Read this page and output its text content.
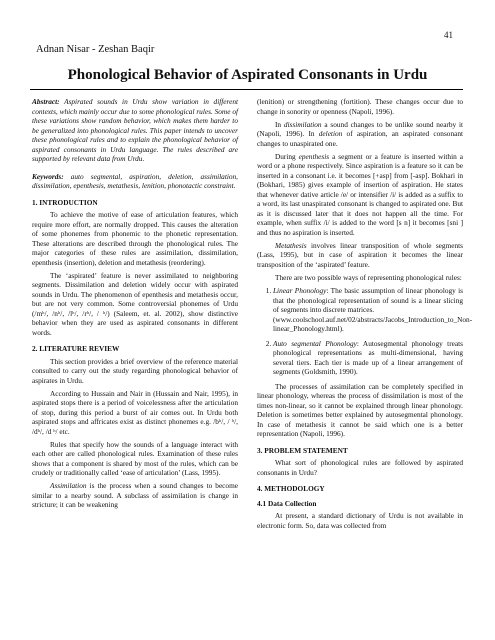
41
Adnan Nisar - Zeshan Baqir
Phonological Behavior of Aspirated Consonants in Urdu

Abstract: Aspirated sounds in Urdu show variation in different contexts, which mainly occur due to some phonological rules. Some of these variations show random behavior, which makes them harder to be generalized into phonological rules. This paper intends to uncover these phonological rules and to explain the phonological behavior of aspirated consonants in Urdu language. The rules described are supported by relevant data from Urdu.

Keywords: auto segmental, aspiration, deletion, assimilation, dissimilation, epenthesis, metathesis, lenition, phonotactic constraint.

1. INTRODUCTION

To achieve the motive of ease of articulation features, which require more effort, are normally dropped. This causes the alteration of some phonemes from phonemic to the phonetic representation. These alterations are described through the phonological rules. The major categories of these rules are assimilation, dissimilation, epenthesis (insertion), deletion and metathesis (reordering).

The ‘aspirated’ feature is never assimilated to neighboring segments. Dissimilation and deletion widely occur with aspirated sounds in Urdu. The phenomenon of epenthesis and metathesis occur, but are not very common. Some controversial phonemes of Urdu (/mʰ/, /nʰ/, /lʰ/, /rʰ/, / ʰ/) (Saleem, et. al. 2002), show distinctive behavior when they are used as aspirated consonants in different words.

2. LITERATURE REVIEW

This section provides a brief overview of the reference material consulted to carry out the study regarding phonological behavior of aspirates in Urdu.

According to Hussain and Nair in (Hussain and Nair, 1995), in aspirated stops there is a period of voicelessness after the articulation of stop, during this period a burst of air comes out. In Urdu both aspirated stops and affricates exist as distinct phonemes e.g. /bʰ/, / ʰ/, /dʰ/, /d ʰ/ etc.

Rules that specify how the sounds of a language interact with each other are called phonological rules. Examination of these rules shows that a component is shared by most of the rules, which can be crudely or traditionally called ‘ease of articulation’ (Lass, 1995).

Assimilation is the process when a sound changes to become similar to a nearby sound. A subclass of assimilation is change in stricture; it can be weakening

(lenition) or strengthening (fortition). These changes occur due to change in sonority or openness (Napoli, 1996).

In dissimilation a sound changes to be unlike sound nearby it (Napoli, 1996). In deletion of aspiration, an aspirated consonant changes to unaspirated one.

During epenthesis a segment or a feature is inserted within a word or a phone respectively. Since aspiration is a feature so it can be inserted in a consonant i.e. it becomes [+asp] from [-asp]. Bokhari in (Bokhari, 1985) gives example of insertion of aspiration. He states that whenever dative article /e/ or intensifier /i/ is added as a suffix to a word, its last unaspirated consonant is changed to aspirated one. But as it is discussed later that it does not happen all the time. For example, when suffix /i/ is added to the word [s n] it becomes [sni ] and thus no aspiration is inserted.

Metathesis involves linear transposition of whole segments (Lass, 1995), but in case of aspiration it becomes the linear transposition of the ‘aspirated’ feature.

There are two possible ways of representing phonological rules:

1. Linear Phonology: The basic assumption of linear phonology is that the phonological representation of sound is a linear slicing of segments into discrete matrices.
(www.coolschool.auf.net/02/abstracts/Jacobs_Introduction_to_Non-linear_Phonology.html).
2. Auto segmental Phonology: Autosegmental phonology treats phonological representations as multi-dimensional, having several tiers. Each tier is made up of a linear arrangement of segments (Goldsmith, 1990).

The processes of assimilation can be completely specified in linear phonology, whereas the process of dissimilation is most of the times non-linear, so it cannot be explained through linear phonology. Deletion is sometimes better explained by autosegmental phonology. In case of metathesis it cannot be said which one is a better representation (Napoli, 1996).

3. PROBLEM STATEMENT

What sort of phonological rules are followed by aspirated consonants in Urdu?

4. METHODOLOGY
4.1 Data Collection

At present, a standard dictionary of Urdu is not available in electronic form. So, data was collected from
